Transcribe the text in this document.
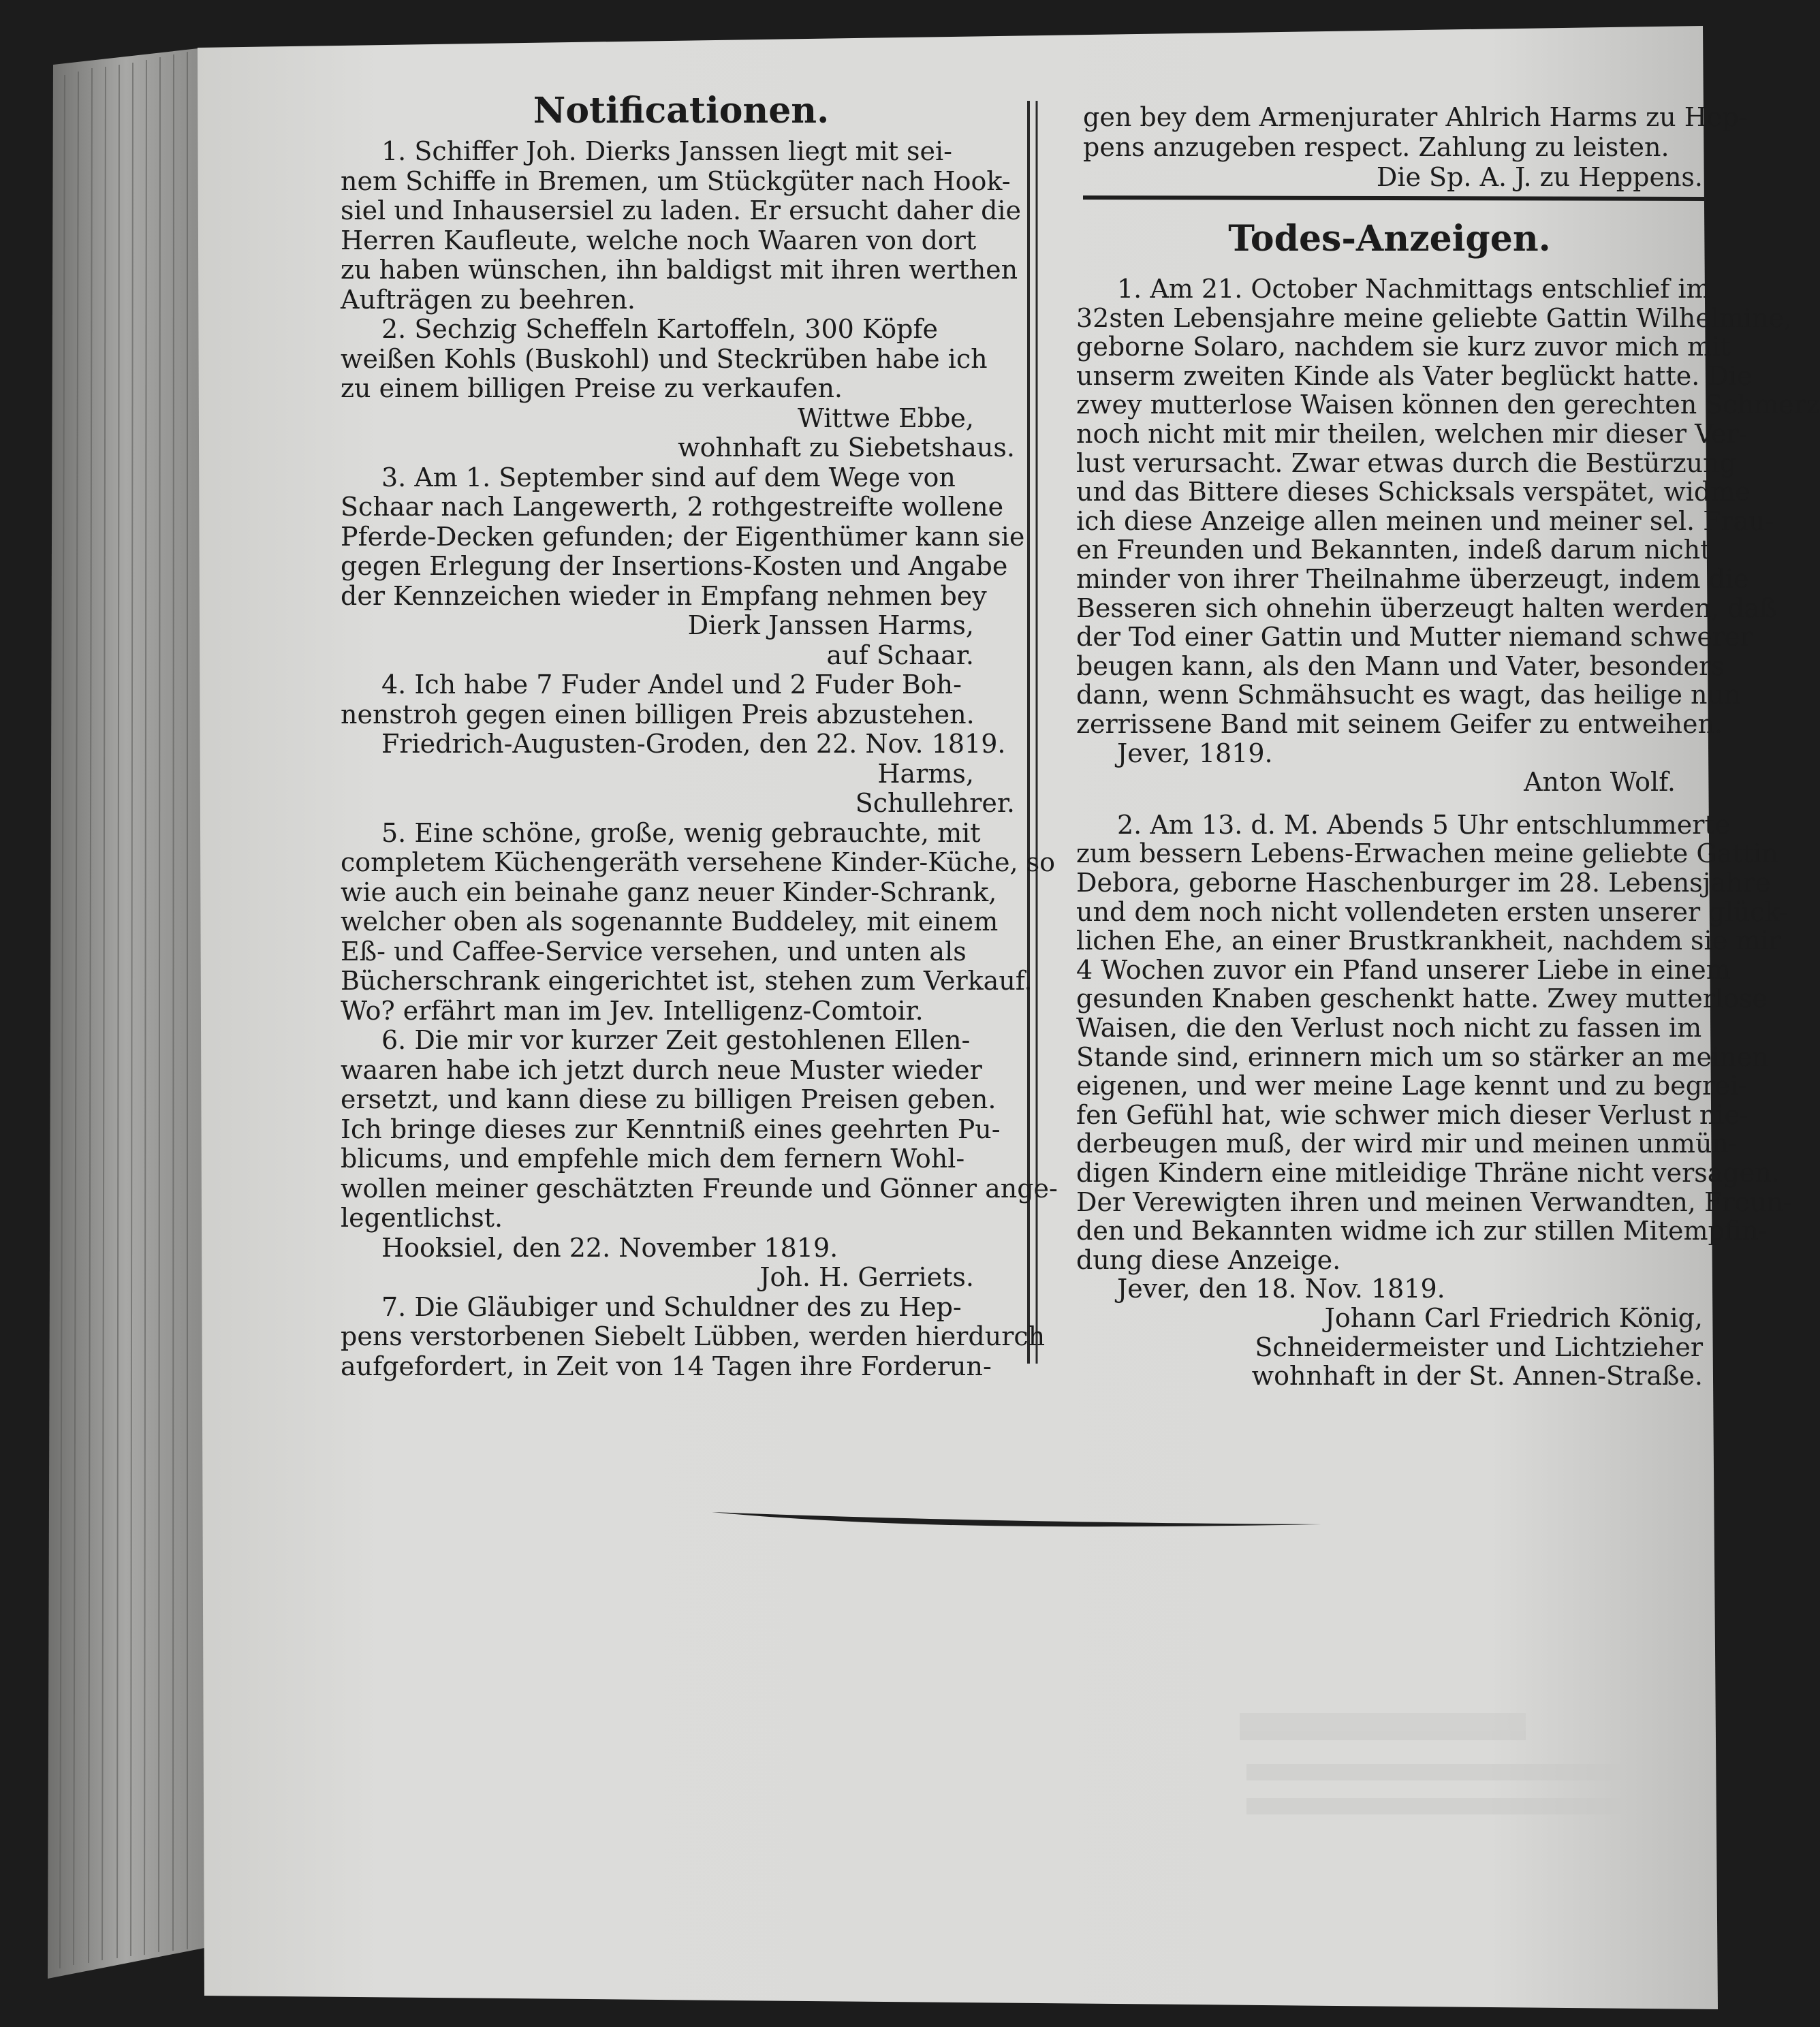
Notificationen.
1. Schiffer Joh. Dierks Janssen liegt mit sei-
nem Schiffe in Bremen, um Stückgüter nach Hook-
siel und Inhausersiel zu laden. Er ersucht daher die
Herren Kaufleute, welche noch Waaren von dort
zu haben wünschen, ihn baldigst mit ihren werthen
Aufträgen zu beehren.
2. Sechzig Scheffeln Kartoffeln, 300 Köpfe
weißen Kohls (Buskohl) und Steckrüben habe ich
zu einem billigen Preise zu verkaufen.
Wittwe Ebbe,
wohnhaft zu Siebetshaus.
3. Am 1. September sind auf dem Wege von
Schaar nach Langewerth, 2 rothgestreifte wollene
Pferde-Decken gefunden; der Eigenthümer kann sie
gegen Erlegung der Insertions-Kosten und Angabe
der Kennzeichen wieder in Empfang nehmen bey
Dierk Janssen Harms,
auf Schaar.
4. Ich habe 7 Fuder Andel und 2 Fuder Boh-
nenstroh gegen einen billigen Preis abzustehen.
Friedrich-Augusten-Groden, den 22. Nov. 1819.
Harms,
Schullehrer.
5. Eine schöne, große, wenig gebrauchte, mit
completem Küchengeräth versehene Kinder-Küche, so
wie auch ein beinahe ganz neuer Kinder-Schrank,
welcher oben als sogenannte Buddeley, mit einem
Eß- und Caffee-Service versehen, und unten als
Bücherschrank eingerichtet ist, stehen zum Verkauf.
Wo? erfährt man im Jev. Intelligenz-Comtoir.
6. Die mir vor kurzer Zeit gestohlenen Ellen-
waaren habe ich jetzt durch neue Muster wieder
ersetzt, und kann diese zu billigen Preisen geben.
Ich bringe dieses zur Kenntniß eines geehrten Pu-
blicums, und empfehle mich dem fernern Wohl-
wollen meiner geschätzten Freunde und Gönner ange-
legentlichst.
Hooksiel, den 22. November 1819.
Joh. H. Gerriets.
7. Die Gläubiger und Schuldner des zu Hep-
pens verstorbenen Siebelt Lübben, werden hierdurch
aufgefordert, in Zeit von 14 Tagen ihre Forderun-
gen bey dem Armenjurater Ahlrich Harms zu Hep-
pens anzugeben respect. Zahlung zu leisten.
Die Sp. A. J. zu Heppens.
Todes-Anzeigen.
1. Am 21. October Nachmittags entschlief im
32sten Lebensjahre meine geliebte Gattin Wilhelmine,
geborne Solaro, nachdem sie kurz zuvor mich mit
unserm zweiten Kinde als Vater beglückt hatte. Die
zwey mutterlose Waisen können den gerechten Schmerz
noch nicht mit mir theilen, welchen mir dieser Ver-
lust verursacht. Zwar etwas durch die Bestürzung
und das Bittere dieses Schicksals verspätet, widme
ich diese Anzeige allen meinen und meiner sel. Frau-
en Freunden und Bekannten, indeß darum nicht
minder von ihrer Theilnahme überzeugt, indem die
Besseren sich ohnehin überzeugt halten werden, daß
der Tod einer Gattin und Mutter niemand schwerer
beugen kann, als den Mann und Vater, besonders
dann, wenn Schmähsucht es wagt, das heilige nun
zerrissene Band mit seinem Geifer zu entweihen.
Jever, 1819.
Anton Wolf.
2. Am 13. d. M. Abends 5 Uhr entschlummerte
zum bessern Lebens-Erwachen meine geliebte Gattin
Debora, geborne Haschenburger im 28. Lebensjahre
und dem noch nicht vollendeten ersten unserer glück-
lichen Ehe, an einer Brustkrankheit, nachdem sie mir
4 Wochen zuvor ein Pfand unserer Liebe in einem
gesunden Knaben geschenkt hatte. Zwey mutterlose
Waisen, die den Verlust noch nicht zu fassen im
Stande sind, erinnern mich um so stärker an meinen
eigenen, und wer meine Lage kennt und zu begrei-
fen Gefühl hat, wie schwer mich dieser Verlust nie-
derbeugen muß, der wird mir und meinen unmün-
digen Kindern eine mitleidige Thräne nicht versagen.
Der Verewigten ihren und meinen Verwandten, Freun-
den und Bekannten widme ich zur stillen Mitempfin-
dung diese Anzeige.
Jever, den 18. Nov. 1819.
Johann Carl Friedrich König,
Schneidermeister und Lichtzieher
wohnhaft in der St. Annen-Straße.
